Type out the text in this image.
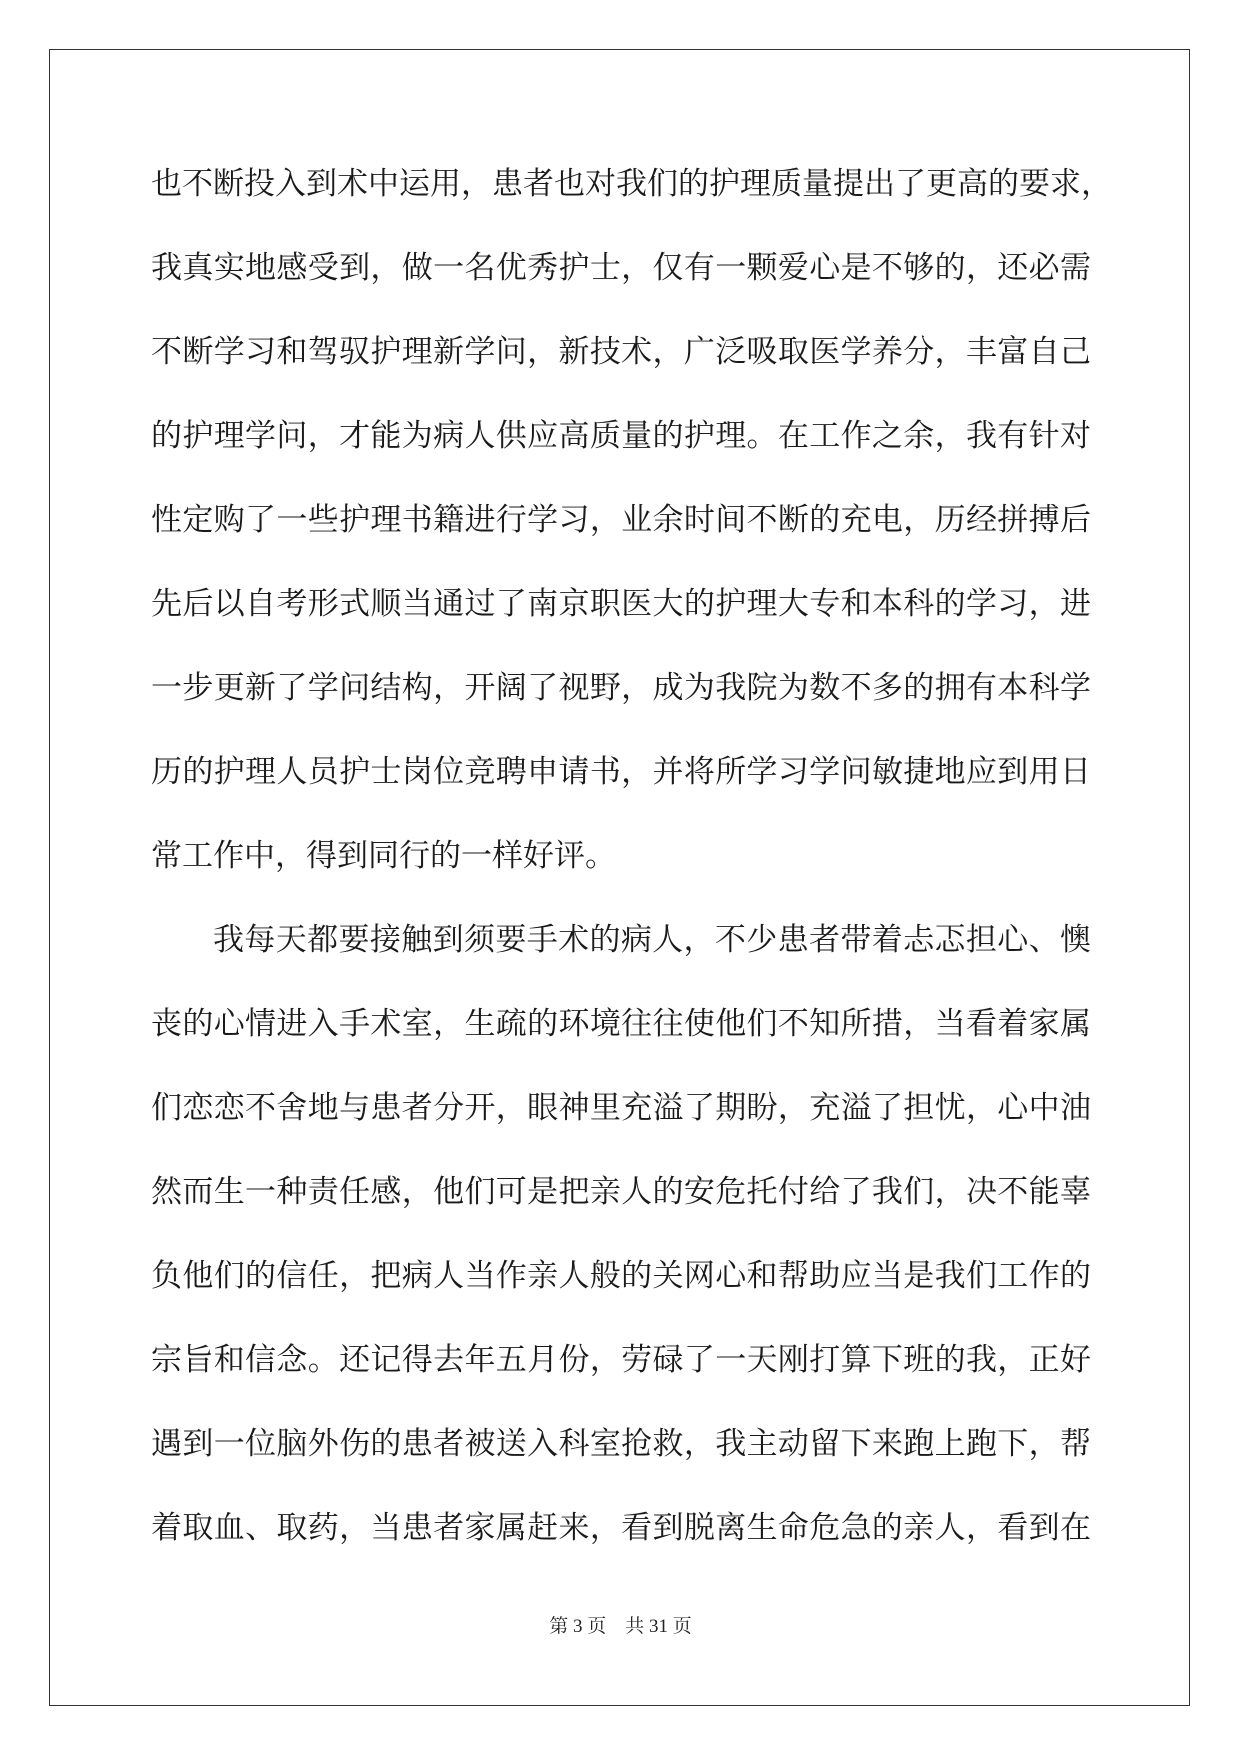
也不断投入到术中运用，患者也对我们的护理质量提出了更高的要求，
我真实地感受到，做一名优秀护士，仅有一颗爱心是不够的，还必需
不断学习和驾驭护理新学问，新技术，广泛吸取医学养分，丰富自己
的护理学问，才能为病人供应高质量的护理。在工作之余，我有针对
性定购了一些护理书籍进行学习，业余时间不断的充电，历经拼搏后
先后以自考形式顺当通过了南京职医大的护理大专和本科的学习，进
一步更新了学问结构，开阔了视野，成为我院为数不多的拥有本科学
历的护理人员护士岗位竞聘申请书，并将所学习学问敏捷地应到用日
常工作中，得到同行的一样好评。
我每天都要接触到须要手术的病人，不少患者带着忐忑担心、懊
丧的心情进入手术室，生疏的环境往往使他们不知所措，当看着家属
们恋恋不舍地与患者分开，眼神里充溢了期盼，充溢了担忧，心中油
然而生一种责任感，他们可是把亲人的安危托付给了我们，决不能辜
负他们的信任，把病人当作亲人般的关网心和帮助应当是我们工作的
宗旨和信念。还记得去年五月份，劳碌了一天刚打算下班的我，正好
遇到一位脑外伤的患者被送入科室抢救，我主动留下来跑上跑下，帮
着取血、取药，当患者家属赶来，看到脱离生命危急的亲人，看到在
第 3 页    共 31 页
